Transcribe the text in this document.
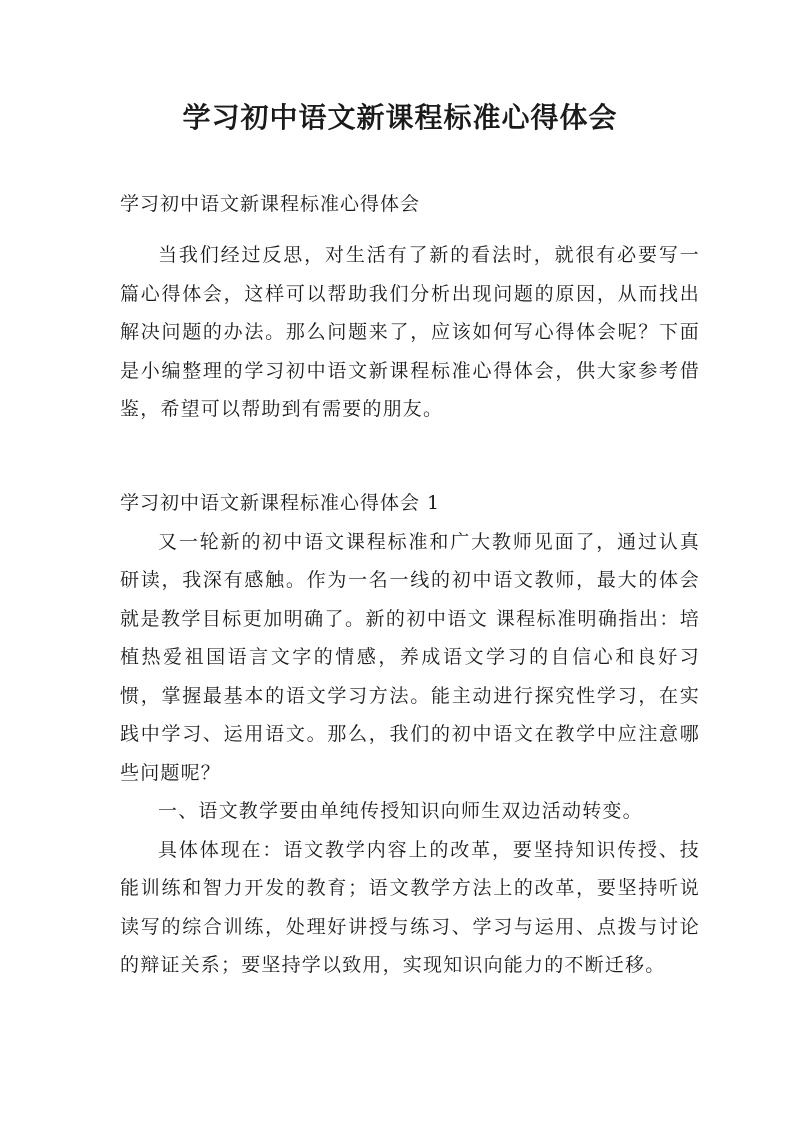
学习初中语文新课程标准心得体会
学习初中语文新课程标准心得体会

当我们经过反思，对生活有了新的看法时，就很有必要写一篇心得体会，这样可以帮助我们分析出现问题的原因，从而找出解决问题的办法。那么问题来了，应该如何写心得体会呢？下面是小编整理的学习初中语文新课程标准心得体会，供大家参考借鉴，希望可以帮助到有需要的朋友。

学习初中语文新课程标准心得体会 1

又一轮新的初中语文课程标准和广大教师见面了，通过认真研读，我深有感触。作为一名一线的初中语文教师，最大的体会就是教学目标更加明确了。新的初中语文 课程标准明确指出：培植热爱祖国语言文字的情感，养成语文学习的自信心和良好习惯，掌握最基本的语文学习方法。能主动进行探究性学习，在实践中学习、运用语文。那么，我们的初中语文在教学中应注意哪些问题呢？

一、语文教学要由单纯传授知识向师生双边活动转变。

具体体现在：语文教学内容上的改革，要坚持知识传授、技能训练和智力开发的教育；语文教学方法上的改革，要坚持听说读写的综合训练，处理好讲授与练习、学习与运用、点拨与讨论的辩证关系；要坚持学以致用，实现知识向能力的不断迁移。
